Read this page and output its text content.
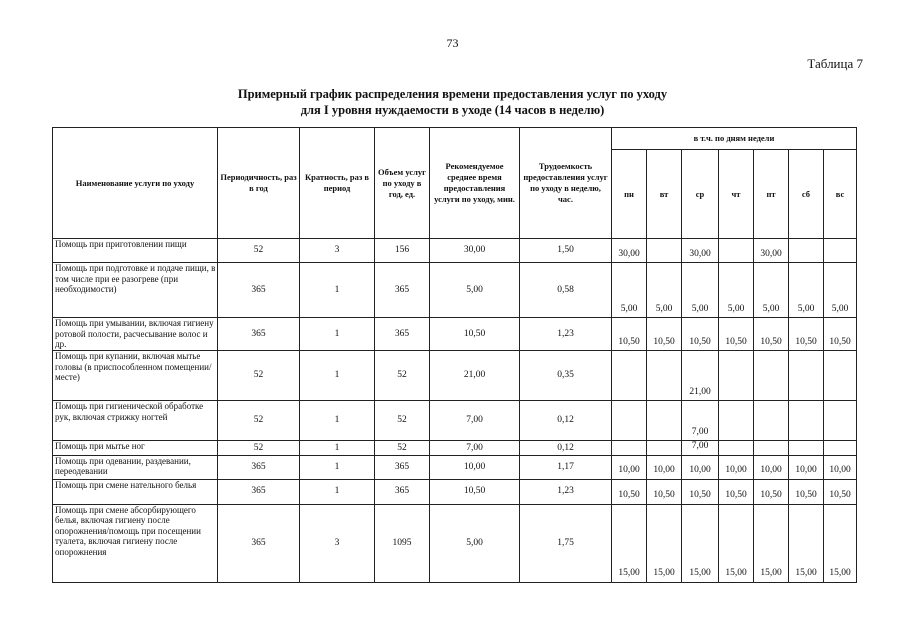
73
Таблица 7
Примерный график распределения времени предоставления услуг по уходу
для I уровня нуждаемости в уходе (14 часов в неделю)
Наименование услуги по уходу	Периодичность, раз в год	Кратность, раз в период	Объем услуг по уходу в год, ед.	Рекомендуемое среднее время предоставления услуги по уходу, мин.	Трудоемкость предоставления услуг по уходу в неделю, час.	в т.ч. по дням недели						
						пн	вт	ср	чт	пт	сб	вс
Помощь при приготовлении пищи	52	3	156	30,00	1,50	30,00		30,00		30,00		
Помощь при подготовке и подаче пищи, в том числе при ее разогреве (при необходимости)	365	1	365	5,00	0,58	5,00	5,00	5,00	5,00	5,00	5,00	5,00
Помощь при умывании, включая гигиену ротовой полости, расчесывание волос и др.	365	1	365	10,50	1,23	10,50	10,50	10,50	10,50	10,50	10,50	10,50
Помощь при купании, включая мытье головы (в приспособленном помещении/месте)	52	1	52	21,00	0,35			21,00				
Помощь при гигиенической обработке рук, включая стрижку ногтей	52	1	52	7,00	0,12			7,00				
Помощь при мытье ног	52	1	52	7,00	0,12			7,00				
Помощь при одевании, раздевании, переодевании	365	1	365	10,00	1,17	10,00	10,00	10,00	10,00	10,00	10,00	10,00
Помощь при смене нательного белья	365	1	365	10,50	1,23	10,50	10,50	10,50	10,50	10,50	10,50	10,50
Помощь при смене абсорбирующего белья, включая гигиену после опорожнения/помощь при посещении туалета, включая гигиену после опорожнения	365	3	1095	5,00	1,75	15,00	15,00	15,00	15,00	15,00	15,00	15,00
